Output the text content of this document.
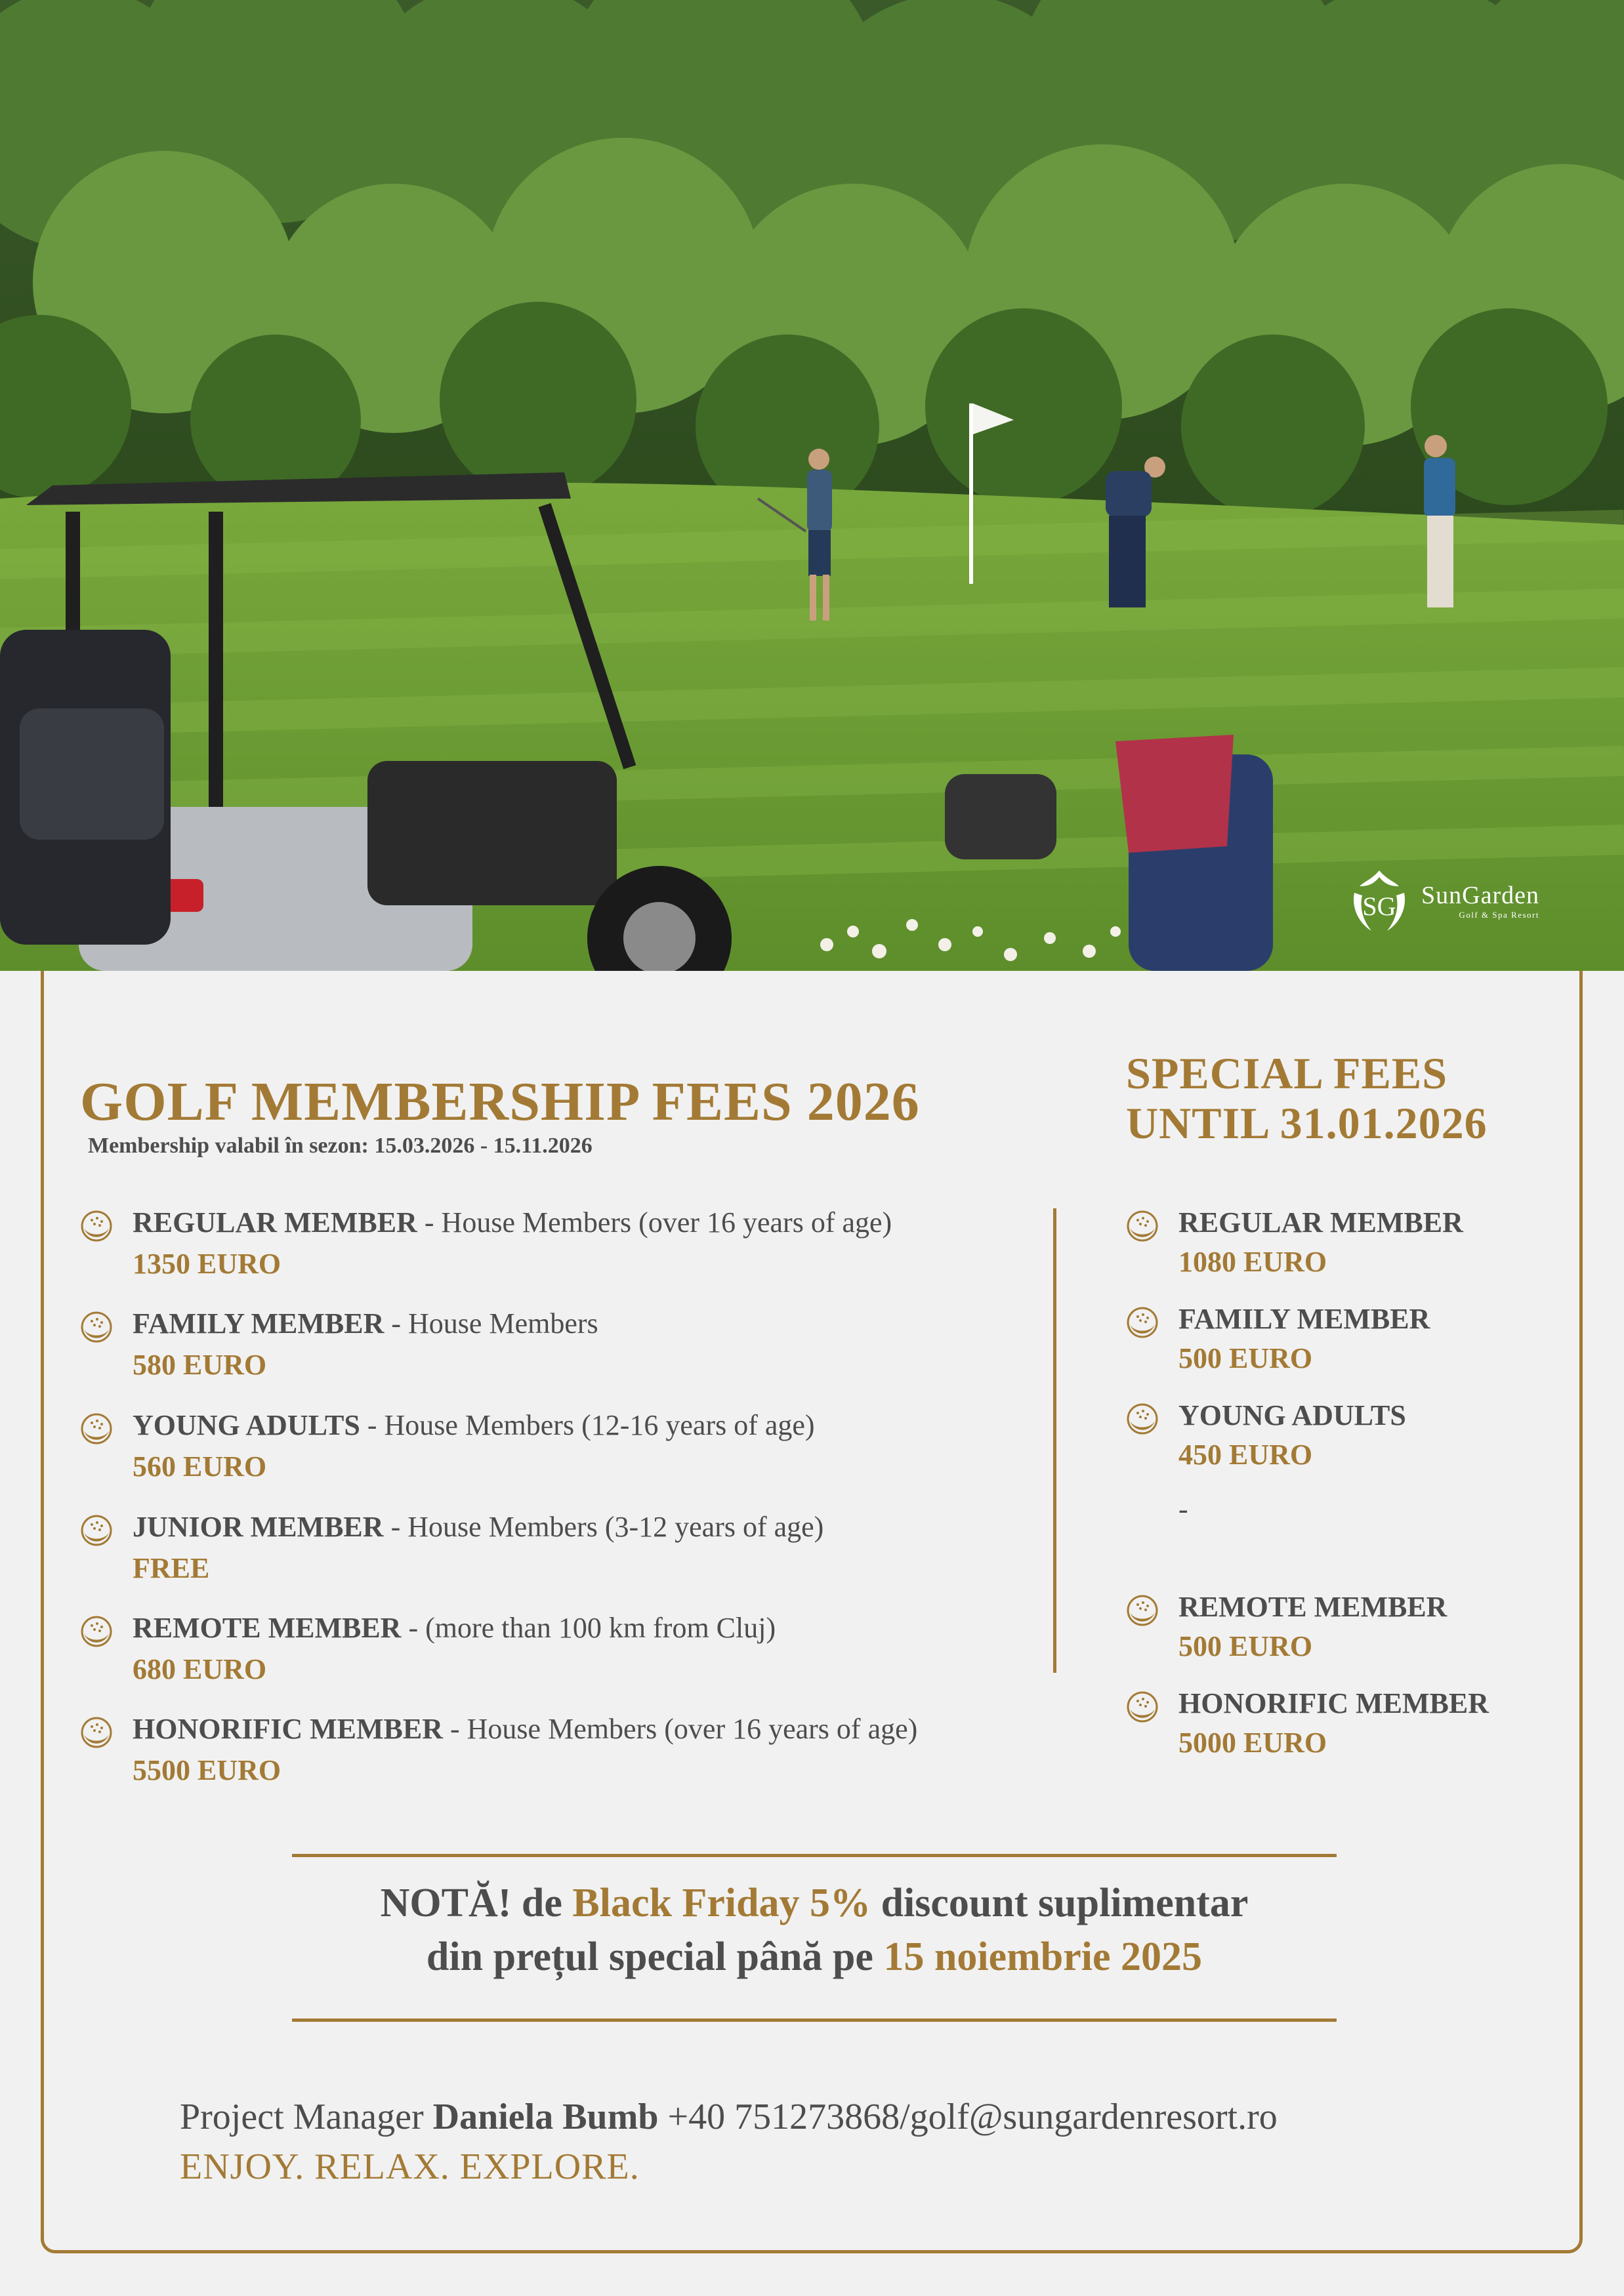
SG SunGarden
Golf & Spa Resort
GOLF MEMBERSHIP FEES 2026
Membership valabil în sezon: 15.03.2026 - 15.11.2026
SPECIAL FEES
UNTIL 31.01.2026
REGULAR MEMBER - House Members (over 16 years of age)
1350 EURO
FAMILY MEMBER - House Members
580 EURO
YOUNG ADULTS - House Members (12-16 years of age)
560 EURO
JUNIOR MEMBER - House Members (3-12 years of age)
FREE
REMOTE MEMBER - (more than 100 km from Cluj)
680 EURO
HONORIFIC MEMBER - House Members (over 16 years of age)
5500 EURO
REGULAR MEMBER
1080 EURO
FAMILY MEMBER
500 EURO
YOUNG ADULTS
450 EURO
-
REMOTE MEMBER
500 EURO
HONORIFIC MEMBER
5000 EURO
NOTĂ! de Black Friday 5% discount suplimentar
din prețul special până pe 15 noiembrie 2025
Project Manager Daniela Bumb +40 751273868/golf@sungardenresort.ro
ENJOY. RELAX. EXPLORE.
